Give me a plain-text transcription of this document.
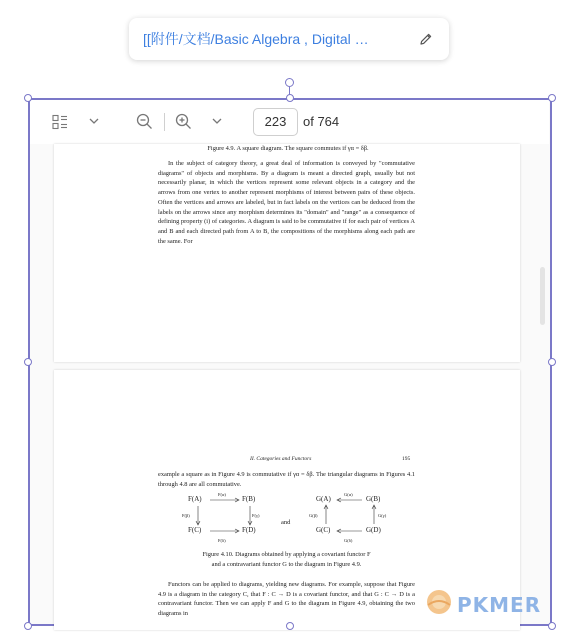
[[附件/文档/Basic Algebra , Digital …
223	of 764
Figure 4.9. A square diagram. The square commutes if γα = δβ.

In the subject of category theory, a great deal of information is conveyed by "commutative diagrams" of objects and morphisms. By a diagram is meant a directed graph, usually but not necessarily planar, in which the vertices represent some relevant objects in a category and the arrows from one vertex to another represent morphisms of interest between pairs of these objects. Often the vertices and arrows are labeled, but in fact labels on the vertices can be deduced from the labels on the arrows since any morphism determines its "domain" and "range" as a consequence of defining property (i) of categories. A diagram is said to be commutative if for each pair of vertices A and B and each directed path from A to B, the compositions of the morphisms along each path are the same. For

II. Categories and Functors	195

example a square as in Figure 4.9 is commutative if γα = δβ. The triangular diagrams in Figures 4.1 through 4.8 are all commutative.

F(A)	F(B)
F(C)	F(D)
F(α)
F(δ)
F(β)	F(γ)
and
G(A)	G(B)
G(C)	G(D)
G(α)
G(δ)
G(β)	G(γ)
Figure 4.10. Diagrams obtained by applying a covariant functor F
and a contravariant functor G to the diagram in Figure 4.9.

Functors can be applied to diagrams, yielding new diagrams. For example, suppose that Figure 4.9 is a diagram in the category C, that F : C → D is a covariant functor, and that G : C → D is a contravariant functor. Then we can apply F and G to the diagram in Figure 4.9, obtaining the two diagrams in	PKMER
